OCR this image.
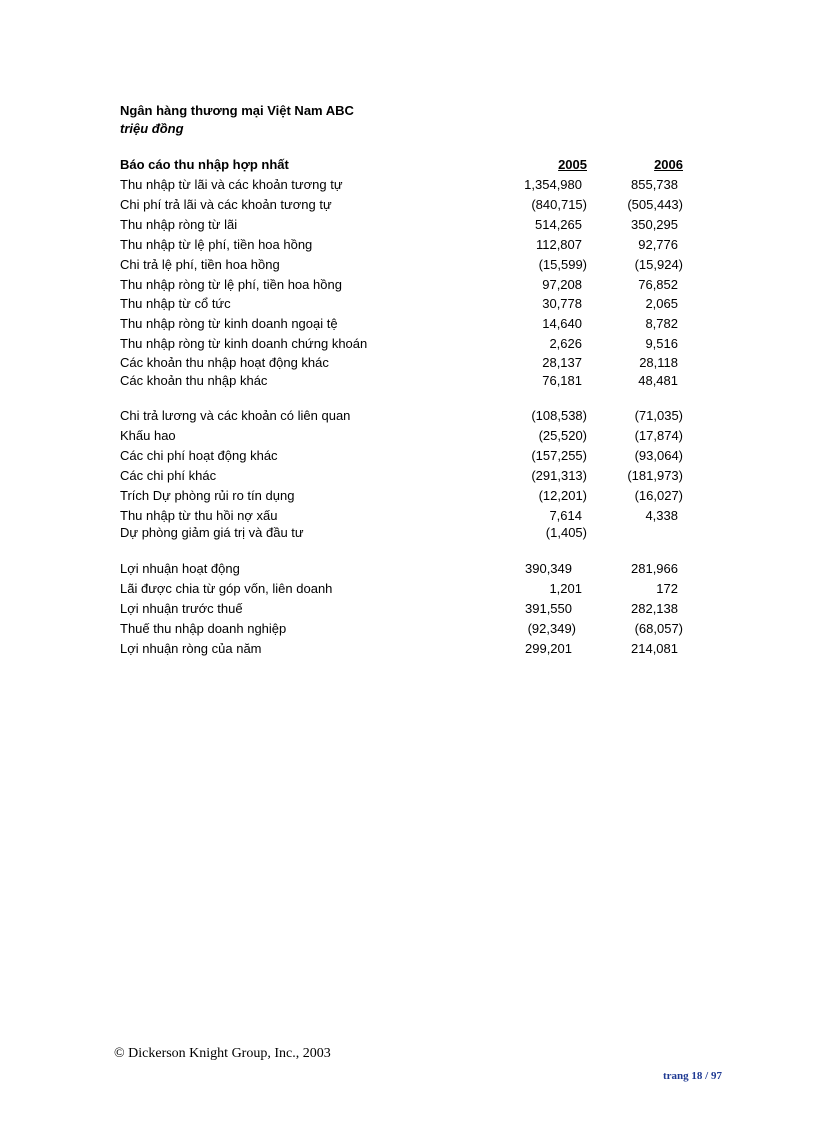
Ngân hàng thương mại Việt Nam ABC
triệu đồng
Báo cáo thu nhập hợp nhất	2005	2006
Thu nhập từ lãi và các khoản tương tự	1,354,980	855,738
Chi phí trả lãi và các khoản tương tự	(840,715)	(505,443)
Thu nhập ròng từ lãi	514,265	350,295
Thu nhập từ lệ phí, tiền hoa hồng	112,807	92,776
Chi trả lệ phí, tiền hoa hồng	(15,599)	(15,924)
Thu nhập ròng từ lệ phí, tiền hoa hồng	97,208	76,852
Thu nhập từ cổ tức	30,778	2,065
Thu nhập ròng từ kinh doanh ngoại tệ	14,640	8,782
Thu nhập ròng từ kinh doanh chứng khoán	2,626	9,516
Các khoản thu nhập hoạt động khác	28,137	28,118
Các khoản thu nhập khác	76,181	48,481
Chi trả lương và các khoản có liên quan	(108,538)	(71,035)
Khấu hao	(25,520)	(17,874)
Các chi phí hoạt động khác	(157,255)	(93,064)
Các chi phí khác	(291,313)	(181,973)
Trích Dự phòng rủi ro tín dụng	(12,201)	(16,027)
Thu nhập từ thu hồi nợ xấu	7,614	4,338
Dự phòng giảm giá trị và đầu tư	(1,405)
Lợi nhuận hoạt động	390,349	281,966
Lãi được chia từ góp vốn, liên doanh	1,201	172
Lợi nhuận trước thuế	391,550	282,138
Thuế thu nhập doanh nghiệp	(92,349)	(68,057)
Lợi nhuận ròng của năm	299,201	214,081
© Dickerson Knight Group, Inc., 2003
trang 18 / 97
